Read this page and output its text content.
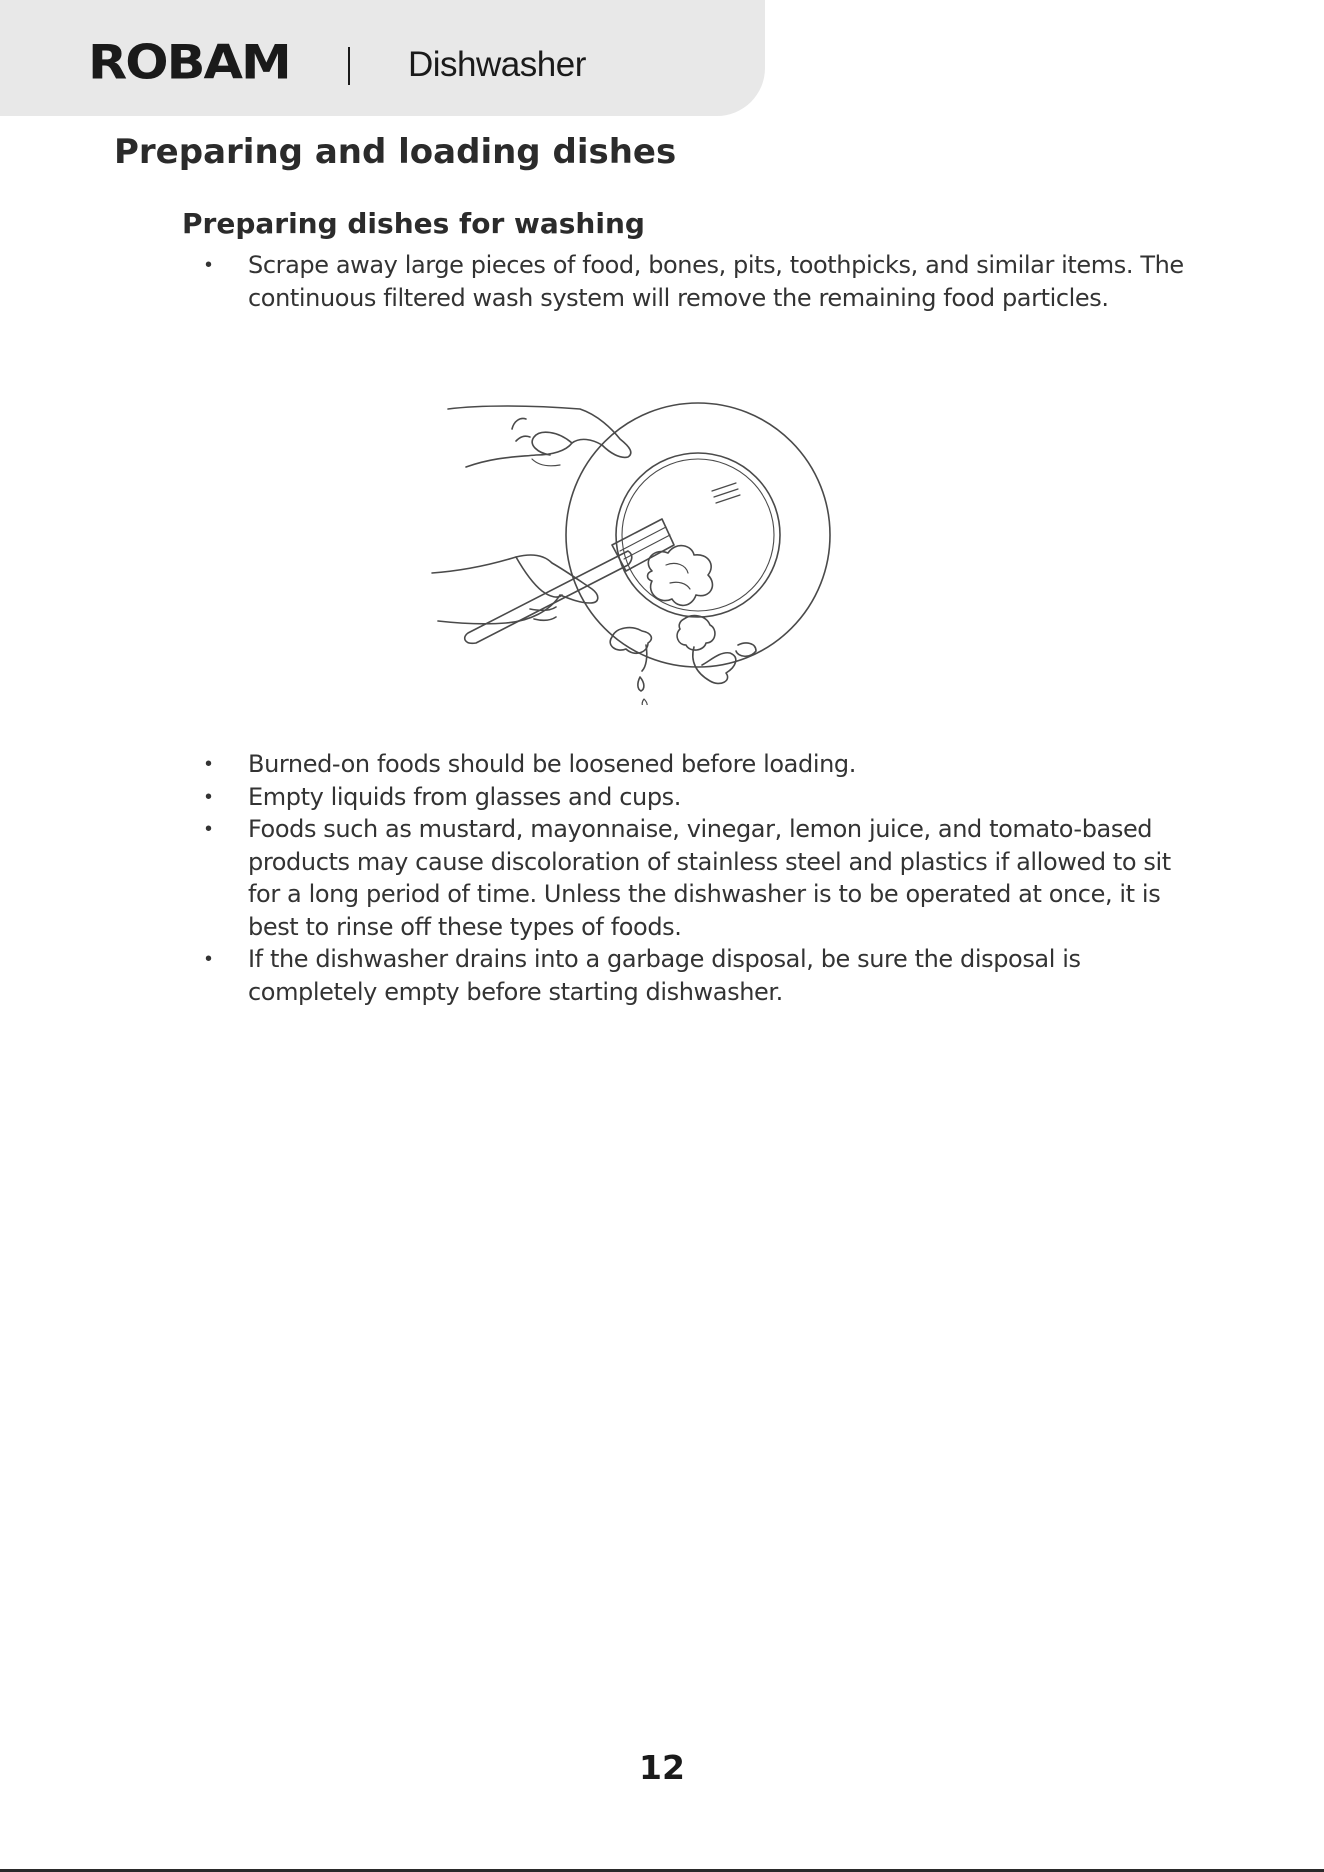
ROBAM	Dishwasher
Preparing and loading dishes
Preparing dishes for washing
• Scrape away large pieces of food, bones, pits, toothpicks, and similar items. The continuous filtered wash system will remove the remaining food particles.
• Burned-on foods should be loosened before loading.
• Empty liquids from glasses and cups.
• Foods such as mustard, mayonnaise, vinegar, lemon juice, and tomato-based products may cause discoloration of stainless steel and plastics if allowed to sit for a long period of time. Unless the dishwasher is to be operated at once, it is best to rinse off these types of foods.
• If the dishwasher drains into a garbage disposal, be sure the disposal is completely empty before starting dishwasher.
12
